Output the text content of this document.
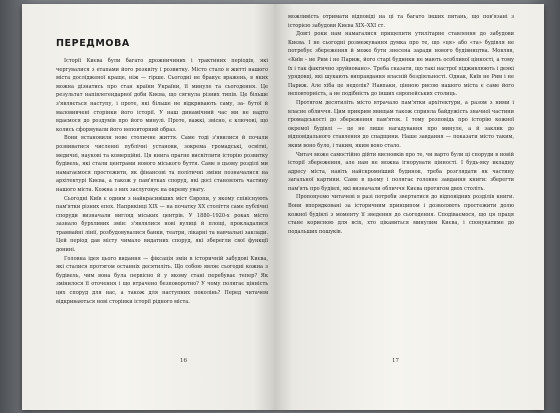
ПЕРЕДМОВА

Історії Києва були багато дрожничиних і трактиних періодів, які чергувалися з етапами його розквіту і розвитку. Місто стало в житті нашого міста дослідженої краще, ніж — гірше. Сьогодні не бракує вражень, в яких можна дізнатись про стан країни України, її минуле та сьогодення. Це результат напівлегендарної доби Києва, що сягнула різних типів. Це більше з'являється наступу, і проте, які більше не відкривають саму, за- бутої й маловивчені сторінки його історії. У наш динамічний час ми не надто вдаємося до роздумів про його минулі. Проте, важкі, звісно, є ключові, що колись сформували його неповторний образ.

Вони встановили нове столичне життя. Саме тоді з'явилися й почали розвиватися численні публічні установи, зокрема громадські, освітні, медичні, наукові та комерційні. Ця книга прагне висвітлити історію розвитку будівель, які стали центрами нового міського буття. Саме в цьому розділі ми намагаємося простежити, як фінансові та політичні зміни позначалися на архітектурі Києва, а також у пам'ятках споруд, які досі становлять частину нашого міста. Кожна з них заслуговує на окрему увагу.

Сьогодні Київ є одним з найкрасивіших міст Європи, у якому співіснують пам'ятки різних епох. Наприкінці ХІХ — на початку ХХ століття саме публічні споруди визначали вигляд міських центрів. У 1880–1920-х роках місто зазнало бурхливих змін: з'являлися нові вулиці й площі, прокладалися трамвайні лінії, розбудовувалися банки, театри, лікарні та навчальні заклади. Цей період дав місту чимало видатних споруд, які зберегли свої функції донині.

Головна ідея цього видання — фіксація змін в історичній забудові Києва, які сталися протягом останніх десятиліть. Що собою являє сьогодні кожна з будівель, чим вона була первісно й у якому стані перебуває тепер? Як змінилося її оточення і що втрачено безповоротно? У чому полягає цінність цих споруд для нас, а також для наступних поколінь? Перед читачем відкриваються нові сторінки історії рідного міста.

16

можливість отримати відповіді на ці та багато інших питань, що пов'язані з історією забудови Києва ХІХ–ХХІ ст.

Довгі роки нам намагалися прищепити утилітарне ставлення до забудови Києва. І не сьогодні розмежування думка про те, що «ця» або «та» будівля не потребує збереження й може бути знесена заради нового будівництва. Мовляв, «Київ – не Рим і не Париж, його старі будинки не мають особливої цінності, а тому їх і так фактично зруйновано». Треба сказати, що такі настрої підживлюють і деякі урядовці, які шукають виправдання власній бездіяльності. Однак, Київ не Рим і не Париж. Але хіба це недолік? Навпаки, цінною рисою нашого міста є саме його неповторність, а не подібність до інших європейських столиць.

Протягом десятиліть місто втрачало пам'ятки архітектури, а разом з ними і власне обличчя. Цим прикрим явищам також сприяла байдужість значної частини громадськості до збереження пам'яток. І тому розповідь про історію кожної окремої будівлі — це не лише нагадування про минуле, а й заклик до відповідального ставлення до спадщини. Наше завдання — показати місто таким, яким воно було, і таким, яким воно стало.

Читач може самостійно дійти висновків про те, чи варто були ці споруди в новій історії збереження, але нам не можна ігнорувати цінності. І будь-яку вкладну адресу міста, навіть найскромніший будинок, треба розглядати як частину загальної картини. Саме в цьому і полягає головне завдання книги: зберегти пам'ять про будівлі, які визначали обличчя Києва протягом двох століть.

Пропонуємо читачеві в разі потреби звертатися до відповідних розділів книги. Вони впорядковані за історичним принципом і дозволяють простежити долю кожної будівлі з моменту її зведення до сьогодення. Сподіваємося, що ця праця стане корисною для всіх, хто цікавиться минулим Києва, і спонукатиме до подальших пошуків.

17
